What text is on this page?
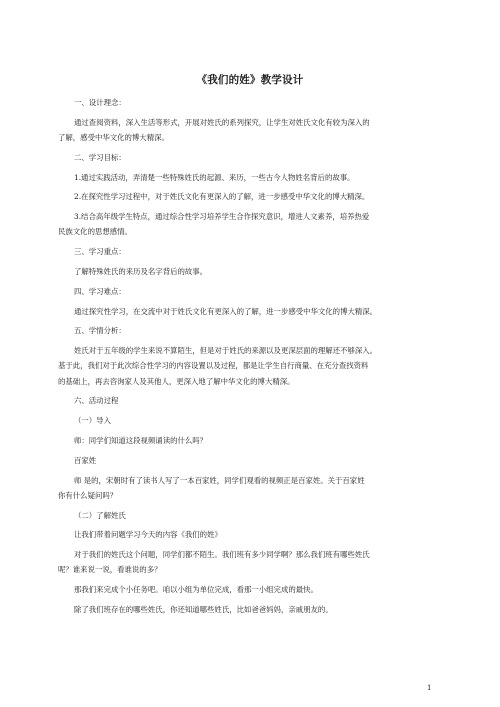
《我们的姓》教学设计
一、设计理念：
通过查阅资料，深入生活等形式，开展对姓氏的系列探究，让学生对姓氏文化有较为深入的
了解，感受中华文化的博大精深。
二、学习目标：
1.通过实践活动，弄清楚一些特殊姓氏的起源、来历，一些古今人物姓名背后的故事。
2.在探究性学习过程中，对于姓氏文化有更深入的了解，进一步感受中华文化的博大精深。
3.结合高年级学生特点，通过综合性学习培养学生合作探究意识，增进人文素养，培养热爱
民族文化的思想感情。
三、学习重点：
了解特殊姓氏的来历及名字背后的故事。
四、学习难点：
通过探究性学习，在交流中对于姓氏文化有更深入的了解，进一步感受中华文化的博大精深。
五、学情分析：
姓氏对于五年级的学生来说不算陌生，但是对于姓氏的来源以及更深层面的理解还不够深入。
基于此，我们对于此次综合性学习的内容设置以及过程，都是让学生自行商量、在充分查找资料
的基础上，再去咨询家人及其他人，更深入地了解中华文化的博大精深。
六、活动过程
（一）导入
师：同学们知道这段视频诵读的什么吗？
百家姓
师 是的，宋朝时有了读书人写了一本百家姓，同学们观看的视频正是百家姓。关于百家姓
你有什么疑问吗？
（二）了解姓氏
让我们带着问题学习今天的内容《我们的姓》
对于我们的姓氏这个问题，同学们都不陌生。我们班有多少同学啊？那么我们班有哪些姓氏
呢？谁来说一说，看谁说的多？
那我们来完成个小任务吧。咱以小组为单位完成，看那一小组完成的最快。
除了我们班存在的哪些姓氏，你还知道哪些姓氏，比如爸爸妈妈，亲戚朋友的。
1
